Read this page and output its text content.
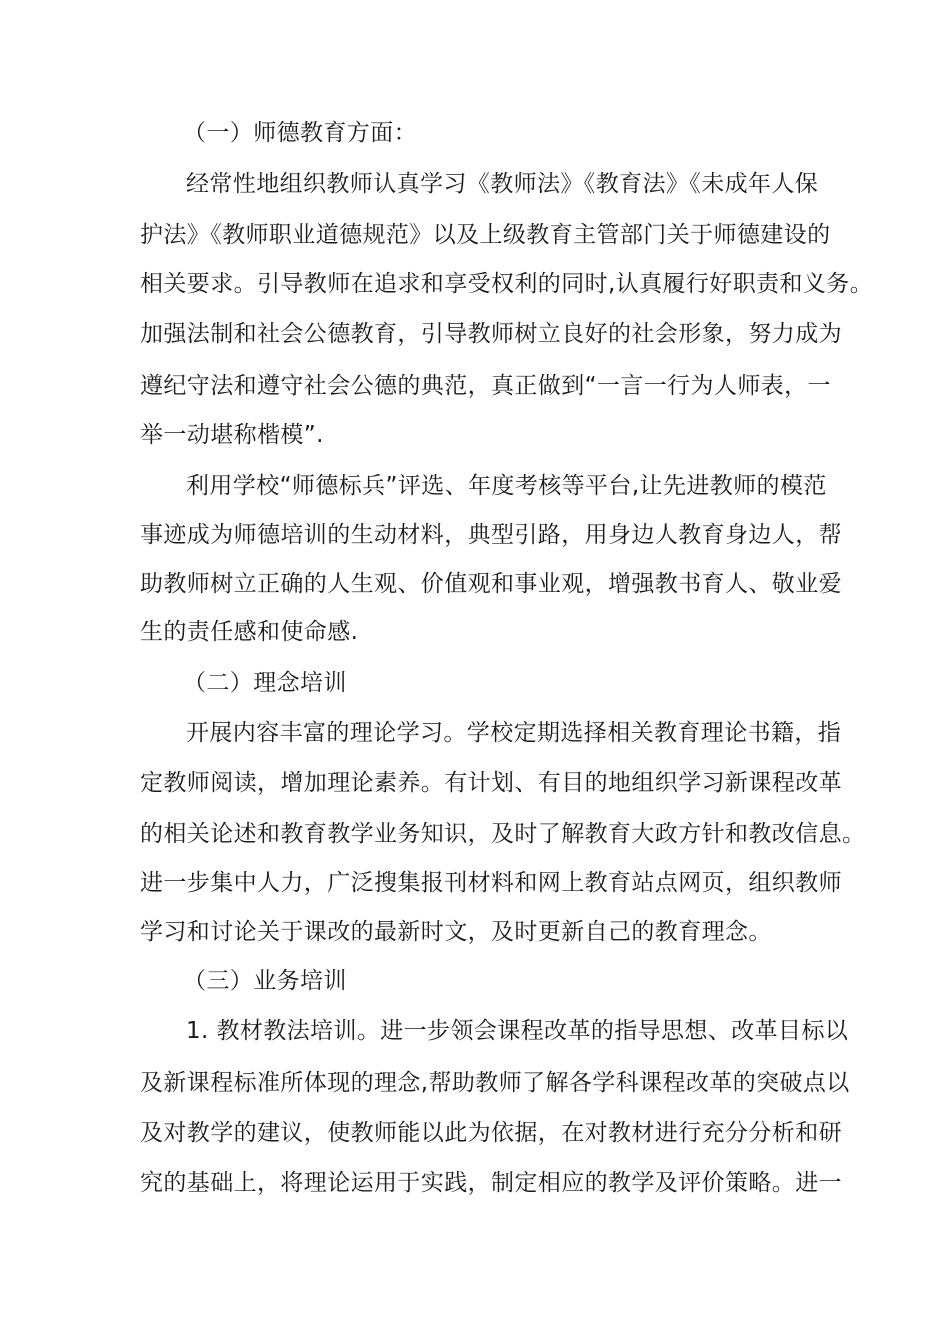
（一）师德教育方面：
经常性地组织教师认真学习《教师法》《教育法》《未成年人保
护法》《教师职业道德规范》以及上级教育主管部门关于师德建设的
相关要求。引导教师在追求和享受权利的同时,认真履行好职责和义务。
加强法制和社会公德教育，引导教师树立良好的社会形象，努力成为
遵纪守法和遵守社会公德的典范，真正做到“一言一行为人师表，一
举一动堪称楷模”.
利用学校“师德标兵”评选、年度考核等平台,让先进教师的模范
事迹成为师德培训的生动材料，典型引路，用身边人教育身边人，帮
助教师树立正确的人生观、价值观和事业观，增强教书育人、敬业爱
生的责任感和使命感.
（二）理念培训
开展内容丰富的理论学习。学校定期选择相关教育理论书籍，指
定教师阅读，增加理论素养。有计划、有目的地组织学习新课程改革
的相关论述和教育教学业务知识，及时了解教育大政方针和教改信息。
进一步集中人力，广泛搜集报刊材料和网上教育站点网页，组织教师
学习和讨论关于课改的最新时文，及时更新自己的教育理念。
（三）业务培训
1. 教材教法培训。进一步领会课程改革的指导思想、改革目标以
及新课程标准所体现的理念,帮助教师了解各学科课程改革的突破点以
及对教学的建议，使教师能以此为依据，在对教材进行充分分析和研
究的基础上，将理论运用于实践，制定相应的教学及评价策略。进一
